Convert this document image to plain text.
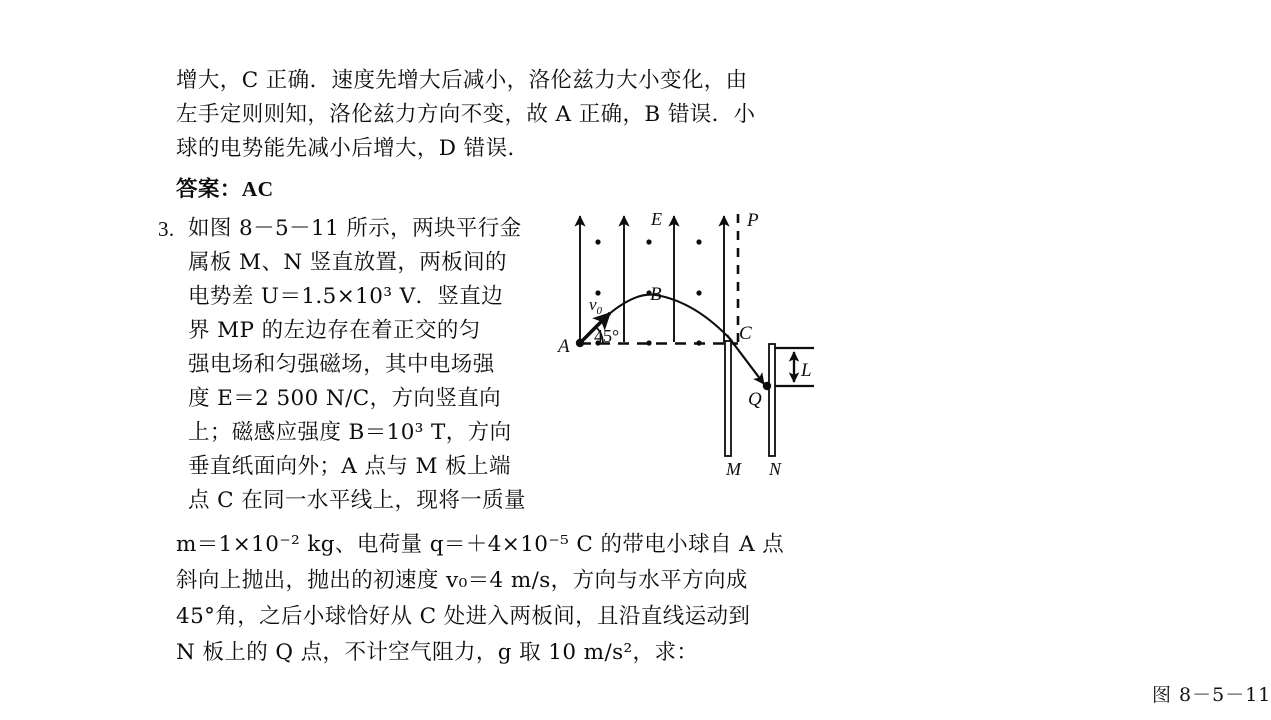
增大，C 正确．速度先增大后减小，洛伦兹力大小变化，由
左手定则则知，洛伦兹力方向不变，故 A 正确，B 错误．小
球的电势能先减小后增大，D 错误．
答案：AC
3. 如图 8－5－11 所示，两块平行金
属板 M、N 竖直放置，两板间的
电势差 U＝1.5×10³ V．竖直边
界 MP 的左边存在着正交的匀
强电场和匀强磁场，其中电场强
度 E＝2 500 N/C，方向竖直向
上；磁感应强度 B＝10³ T，方向
垂直纸面向外；A 点与 M 板上端
点 C 在同一水平线上，现将一质量
m＝1×10⁻² kg、电荷量 q＝＋4×10⁻⁵ C 的带电小球自 A 点
斜向上抛出，抛出的初速度 v₀＝4 m/s，方向与水平方向成
45°角，之后小球恰好从 C 处进入两板间，且沿直线运动到
N 板上的 Q 点，不计空气阻力，g 取 10 m/s²，求：
A
B
E	P
C
Q
M N
L
$v_0$
45°
图 8－5－11
